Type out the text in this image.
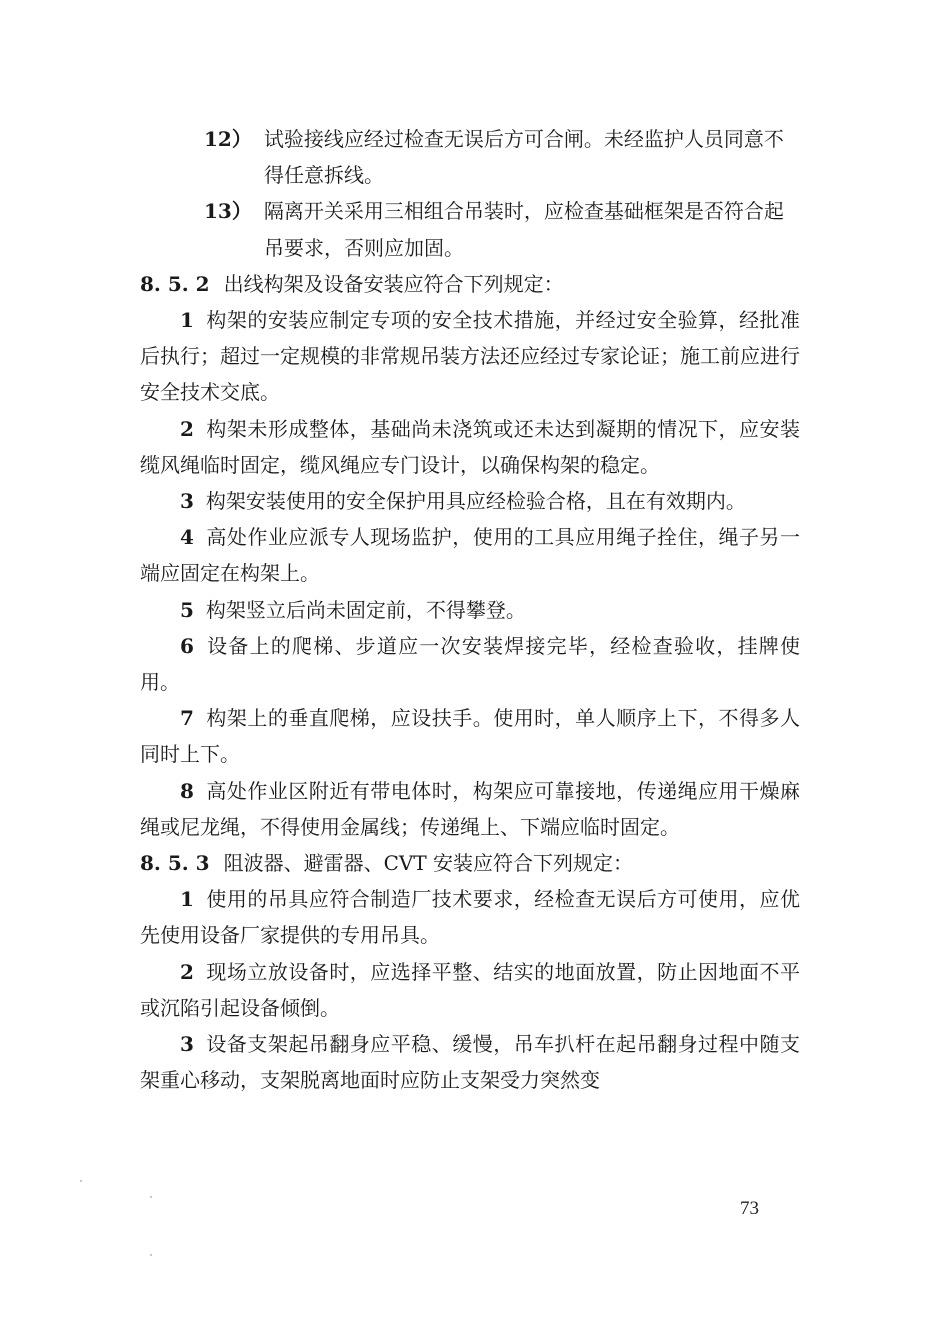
12） 试验接线应经过检查无误后方可合闸。未经监护人员同意不得任意拆线。

13） 隔离开关采用三相组合吊装时，应检查基础框架是否符合起吊要求，否则应加固。

8. 5. 2 出线构架及设备安装应符合下列规定：

1 构架的安装应制定专项的安全技术措施，并经过安全验算，经批准后执行；超过一定规模的非常规吊装方法还应经过专家论证；施工前应进行安全技术交底。

2 构架未形成整体，基础尚未浇筑或还未达到凝期的情况下，应安装缆风绳临时固定，缆风绳应专门设计，以确保构架的稳定。

3 构架安装使用的安全保护用具应经检验合格，且在有效期内。

4 高处作业应派专人现场监护，使用的工具应用绳子拴住，绳子另一端应固定在构架上。

5 构架竖立后尚未固定前，不得攀登。

6 设备上的爬梯、步道应一次安装焊接完毕，经检查验收，挂牌使用。

7 构架上的垂直爬梯，应设扶手。使用时，单人顺序上下，不得多人同时上下。

8 高处作业区附近有带电体时，构架应可靠接地，传递绳应用干燥麻绳或尼龙绳，不得使用金属线；传递绳上、下端应临时固定。

8. 5. 3 阻波器、避雷器、CVT 安装应符合下列规定：

1 使用的吊具应符合制造厂技术要求，经检查无误后方可使用，应优先使用设备厂家提供的专用吊具。

2 现场立放设备时，应选择平整、结实的地面放置，防止因地面不平或沉陷引起设备倾倒。

3 设备支架起吊翻身应平稳、缓慢，吊车扒杆在起吊翻身过程中随支架重心移动，支架脱离地面时应防止支架受力突然变

73
